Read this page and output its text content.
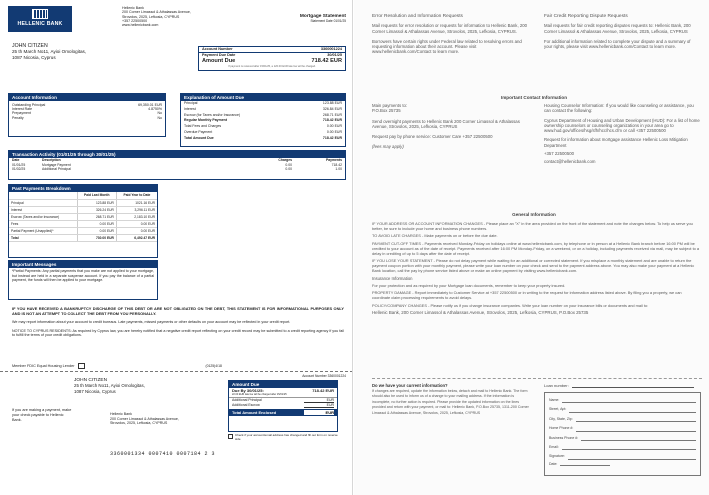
HELLENIC BANK
Hellenic Bank
200 Corner Limassol & Athalassas Avenue,
Strovolos, 2025, Lefkosia, CYPRUS
+357 22500500
www.hellenicbank.com
Mortgage Statement
Statement Date 01/01/25
JOHN CITIZEN
25 th March No11, Ayioi Omologitas,
1087 Nicosia, Cyprus
Account Number	3360001224
Payment Due Date	30/01/25
Amount Due	718.42 EUR
If payment is received after 15/01/25, a 120.00 EUR late fee will be charged.
Account Information
Outstanding Principal	69,350.01 EUR
Interest Rate	4.8750%
Prepayment	No
Penalty	No
Explanation of Amount Due
Principal	123.88 EUR
Interest	326.84 EUR
Escrow (for Taxes and/or Insurance)	268.71 EUR
Regular Monthly Payment	718.42 EUR
Total Fees and Charges	0.00 EUR
Overdue Payment	0.00 EUR
Total Amount Due	718.42 EUR
Transaction Activity (01/01/25 through 30/01/25)
Date	Description	Charges	Payments
01/01/25	Mortgage Payment	0.00	718.42
01/02/25	Additional Principal	0.00	1.00
Past Payments Breakdown
	Paid Last Month	Paid Year to Date
Principal	123.88 EUR	1021.16 EUR
Interest	326.24 EUR	3,296.11 EUR
Escrow (Taxes and/or Insurance)	268.71 EUR	2,183.10 EUR
Fees	0.00 EUR	0.00 EUR
Partial Payment (Unapplied)*	0.00 EUR	0.00 EUR
Total	730.00 EUR	6,492.47 EUR
Important Messages
*Partial Payments: Any partial payments that you make are not applied to your mortgage, but instead are held in a separate suspense account. If you pay the balance of a partial payment, the funds will then be applied to your mortgage.
IF YOU HAVE RECEIVED A BANKRUPTCY DISCHARGE OF THIS DEBT OR ARE NOT OBLIGATED ON THE DEBT, THIS STATEMENT IS FOR INFORMATIONAL PURPOSES ONLY AND IS NOT AN ATTEMPT TO COLLECT THE DEBT FROM YOU PERSONALLY.
We may report information about your account to credit bureaus. Late payments, missed payments or other defaults on your account may be reflected in your credit report.
NOTICE TO CYPRUS RESIDENTS: As required by Cyprus law, you are hereby notified that a negative credit report reflecting on your credit record may be submitted to a credit reporting agency if you fail to fulfill the terms of your credit obligations.
Member FDIC Equal Housing Lender	(0125)4/18
JOHN CITIZEN
25 th March No11, Ayioi Omologitas,
1087 Nicosia, Cyprus
Account Number 3360001224
Amount Due
Due By 30/01/25:	718.42 EUR
22.00 EUR late fee will be charged after 15/01/25
Additional Principal	EUR
Additional Escrow	EUR
Total Amount Enclosed	EUR
Check if your account/email address has changed and fill out form on reverse side
If you are making a payment, make your check payable to Hellenic Bank.
Hellenic Bank
200 Corner Limassol & Athalassas Avenue,
Strovolos, 2025, Lefkosia, CYPRUS
3360001334 0007410 0007184 2 3
Error Resolution and Information Requests
Mail requests for error resolution or requests for information to Hellenic Bank, 200 Corner Limassol & Athalassas Avenue, Strovolos, 2025, Lefkosia, CYPRUS.
Borrowers have certain rights under Federal law related to resolving errors and requesting information about their account. Please visit www.hellenicbank.com/Contact to learn more.
Fair Credit Reporting Dispute Requests
Mail requests for fair credit reporting disputes requests to: Hellenic Bank, 200 Corner Limassol & Athalassas Avenue, Strovolos, 2025, Lefkosia, CYPRUS
For additional information related to complete your dispute and a summary of your rights, please visit www.hellenicbank.com/Contact to learn more.
Important Contact Information
Main payments to:
P.O.Box 25735
Send overnight payments to Hellenic Bank 200 Corner Limassol & Athalassas Avenue, Strovolos, 2025, Lefkosia, CYPRUS
Request pay by phone service: Customer Care +357 22500500
(fees may apply)
Housing Counselor Information: If you would like counseling or assistance, you can contact the following:
Cyprus Department of Housing and Urban Development (HUD): For a list of home ownership counselors or counseling organizations in your area go to www.hud.gov/offices/hsg/sfh/hcc/hcs.cfm or call +357 22500500
Request for information about mortgage assistance Hellenic Loss Mitigation Department
+357 22500500
contact@hellenicbank.com
General Information
IF YOUR ADDRESS OR ACCOUNT INFORMATION CHANGES - Please place an "X" in the area provided on the front of the statement and note the changes below. To help us serve you better, be sure to include your home and business phone numbers.
TO AVOID LATE CHARGES - Make payments on or before the due date.
PAYMENT CUT-OFF TIMES - Payments received Monday-Friday on holidays online at www.hellenicbank.com, by telephone or in person at a Hellenic Bank branch before 16:00 PM will be credited to your account as of the date of receipt. Payments received after 16:00 PM Monday-Friday, on a weekend, or on a holiday, including payments received via mail, may be subject to a delay in crediting of up to 5 days after the date of receipt.
IF YOU LOSE YOUR STATEMENT - Please do not delay payment while waiting for an additional or corrected statement. If you misplace a monthly statement and are unable to return the payment coupon portion with your monthly payment, please write your loan number on your check and send to the payment address above. You may also make your payment at a Hellenic Bank location, call the pay by phone service listed above or make an online payment by visiting www.hellenicbank.com.
Insurance Information
For your protection and as required by your Mortgage loan documents, remember to keep your property insured.
PROPERTY DAMAGE - Report immediately to Customer Service at +357 22500500 or in writing to the request for information address listed above. By filing you a property, we can coordinate claim processing requirements to avoid delays.
POLICY/COMPANY CHANGES - Please notify us if you change insurance companies. Write your loan number on your insurance bills or documents and mail to:
Hellenic Bank, 200 Corner Limassol & Athalassas Avenue, Strovolos, 2025, Lefkosia, CYPRUS, P.O.Box 25735
Do we have your current information?
If changes are required, update the information below, detach and mail to Hellenic Bank. The form should also be used to inform us of a change to your mailing address. If the information is incomplete, no further action is required. Please provide the updated information on the lines provided and return with your payment, or mail to: Hellenic Bank, P.O.Box 25735, 1311-200 Corner Limassol & Athalassas Avenue, Strovolos, 2025, Lefkosia, CYPRUS
Loan number:
Name:
Street, Apt:
City, State, Zip:
Home Phone #:
Business Phone #:
Email:
Signature:
Date:
